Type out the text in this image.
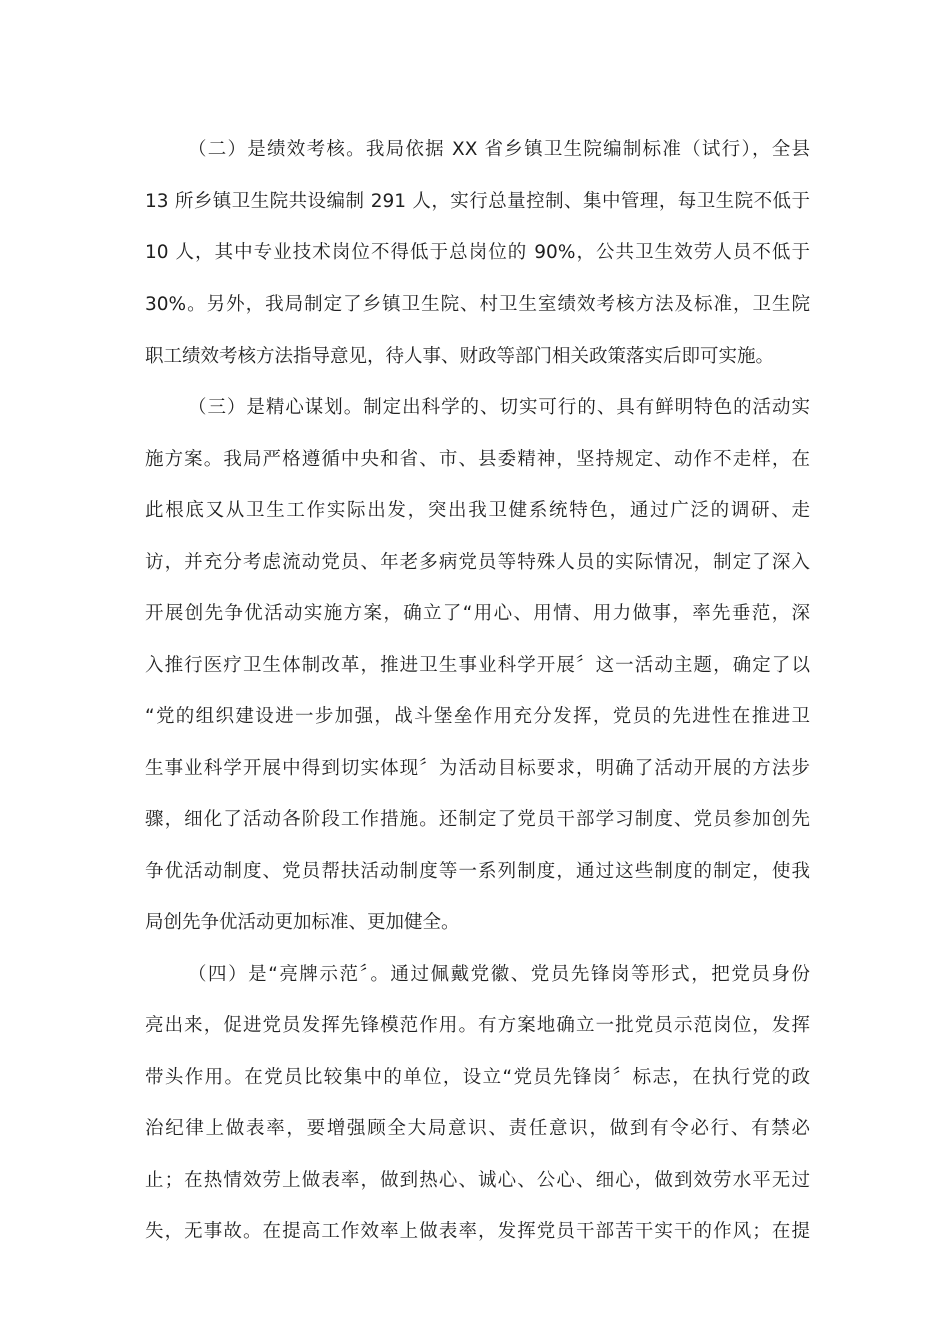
（二）是绩效考核。我局依据 XX 省乡镇卫生院编制标准（试行），全县
13 所乡镇卫生院共设编制 291 人，实行总量控制、集中管理，每卫生院不低于
10 人，其中专业技术岗位不得低于总岗位的 90%，公共卫生效劳人员不低于
30%。另外，我局制定了乡镇卫生院、村卫生室绩效考核方法及标准，卫生院
职工绩效考核方法指导意见，待人事、财政等部门相关政策落实后即可实施。
（三）是精心谋划。制定出科学的、切实可行的、具有鲜明特色的活动实
施方案。我局严格遵循中央和省、市、县委精神，坚持规定、动作不走样，在
此根底又从卫生工作实际出发，突出我卫健系统特色，通过广泛的调研、走
访，并充分考虑流动党员、年老多病党员等特殊人员的实际情况，制定了深入
开展创先争优活动实施方案，确立了“用心、用情、用力做事，率先垂范，深
入推行医疗卫生体制改革，推进卫生事业科学开展〞这一活动主题，确定了以
“党的组织建设进一步加强，战斗堡垒作用充分发挥，党员的先进性在推进卫
生事业科学开展中得到切实体现〞为活动目标要求，明确了活动开展的方法步
骤，细化了活动各阶段工作措施。还制定了党员干部学习制度、党员参加创先
争优活动制度、党员帮扶活动制度等一系列制度，通过这些制度的制定，使我
局创先争优活动更加标准、更加健全。
（四）是“亮牌示范〞。通过佩戴党徽、党员先锋岗等形式，把党员身份
亮出来，促进党员发挥先锋模范作用。有方案地确立一批党员示范岗位，发挥
带头作用。在党员比较集中的单位，设立“党员先锋岗〞标志，在执行党的政
治纪律上做表率，要增强顾全大局意识、责任意识，做到有令必行、有禁必
止；在热情效劳上做表率，做到热心、诚心、公心、细心，做到效劳水平无过
失，无事故。在提高工作效率上做表率，发挥党员干部苦干实干的作风；在提
